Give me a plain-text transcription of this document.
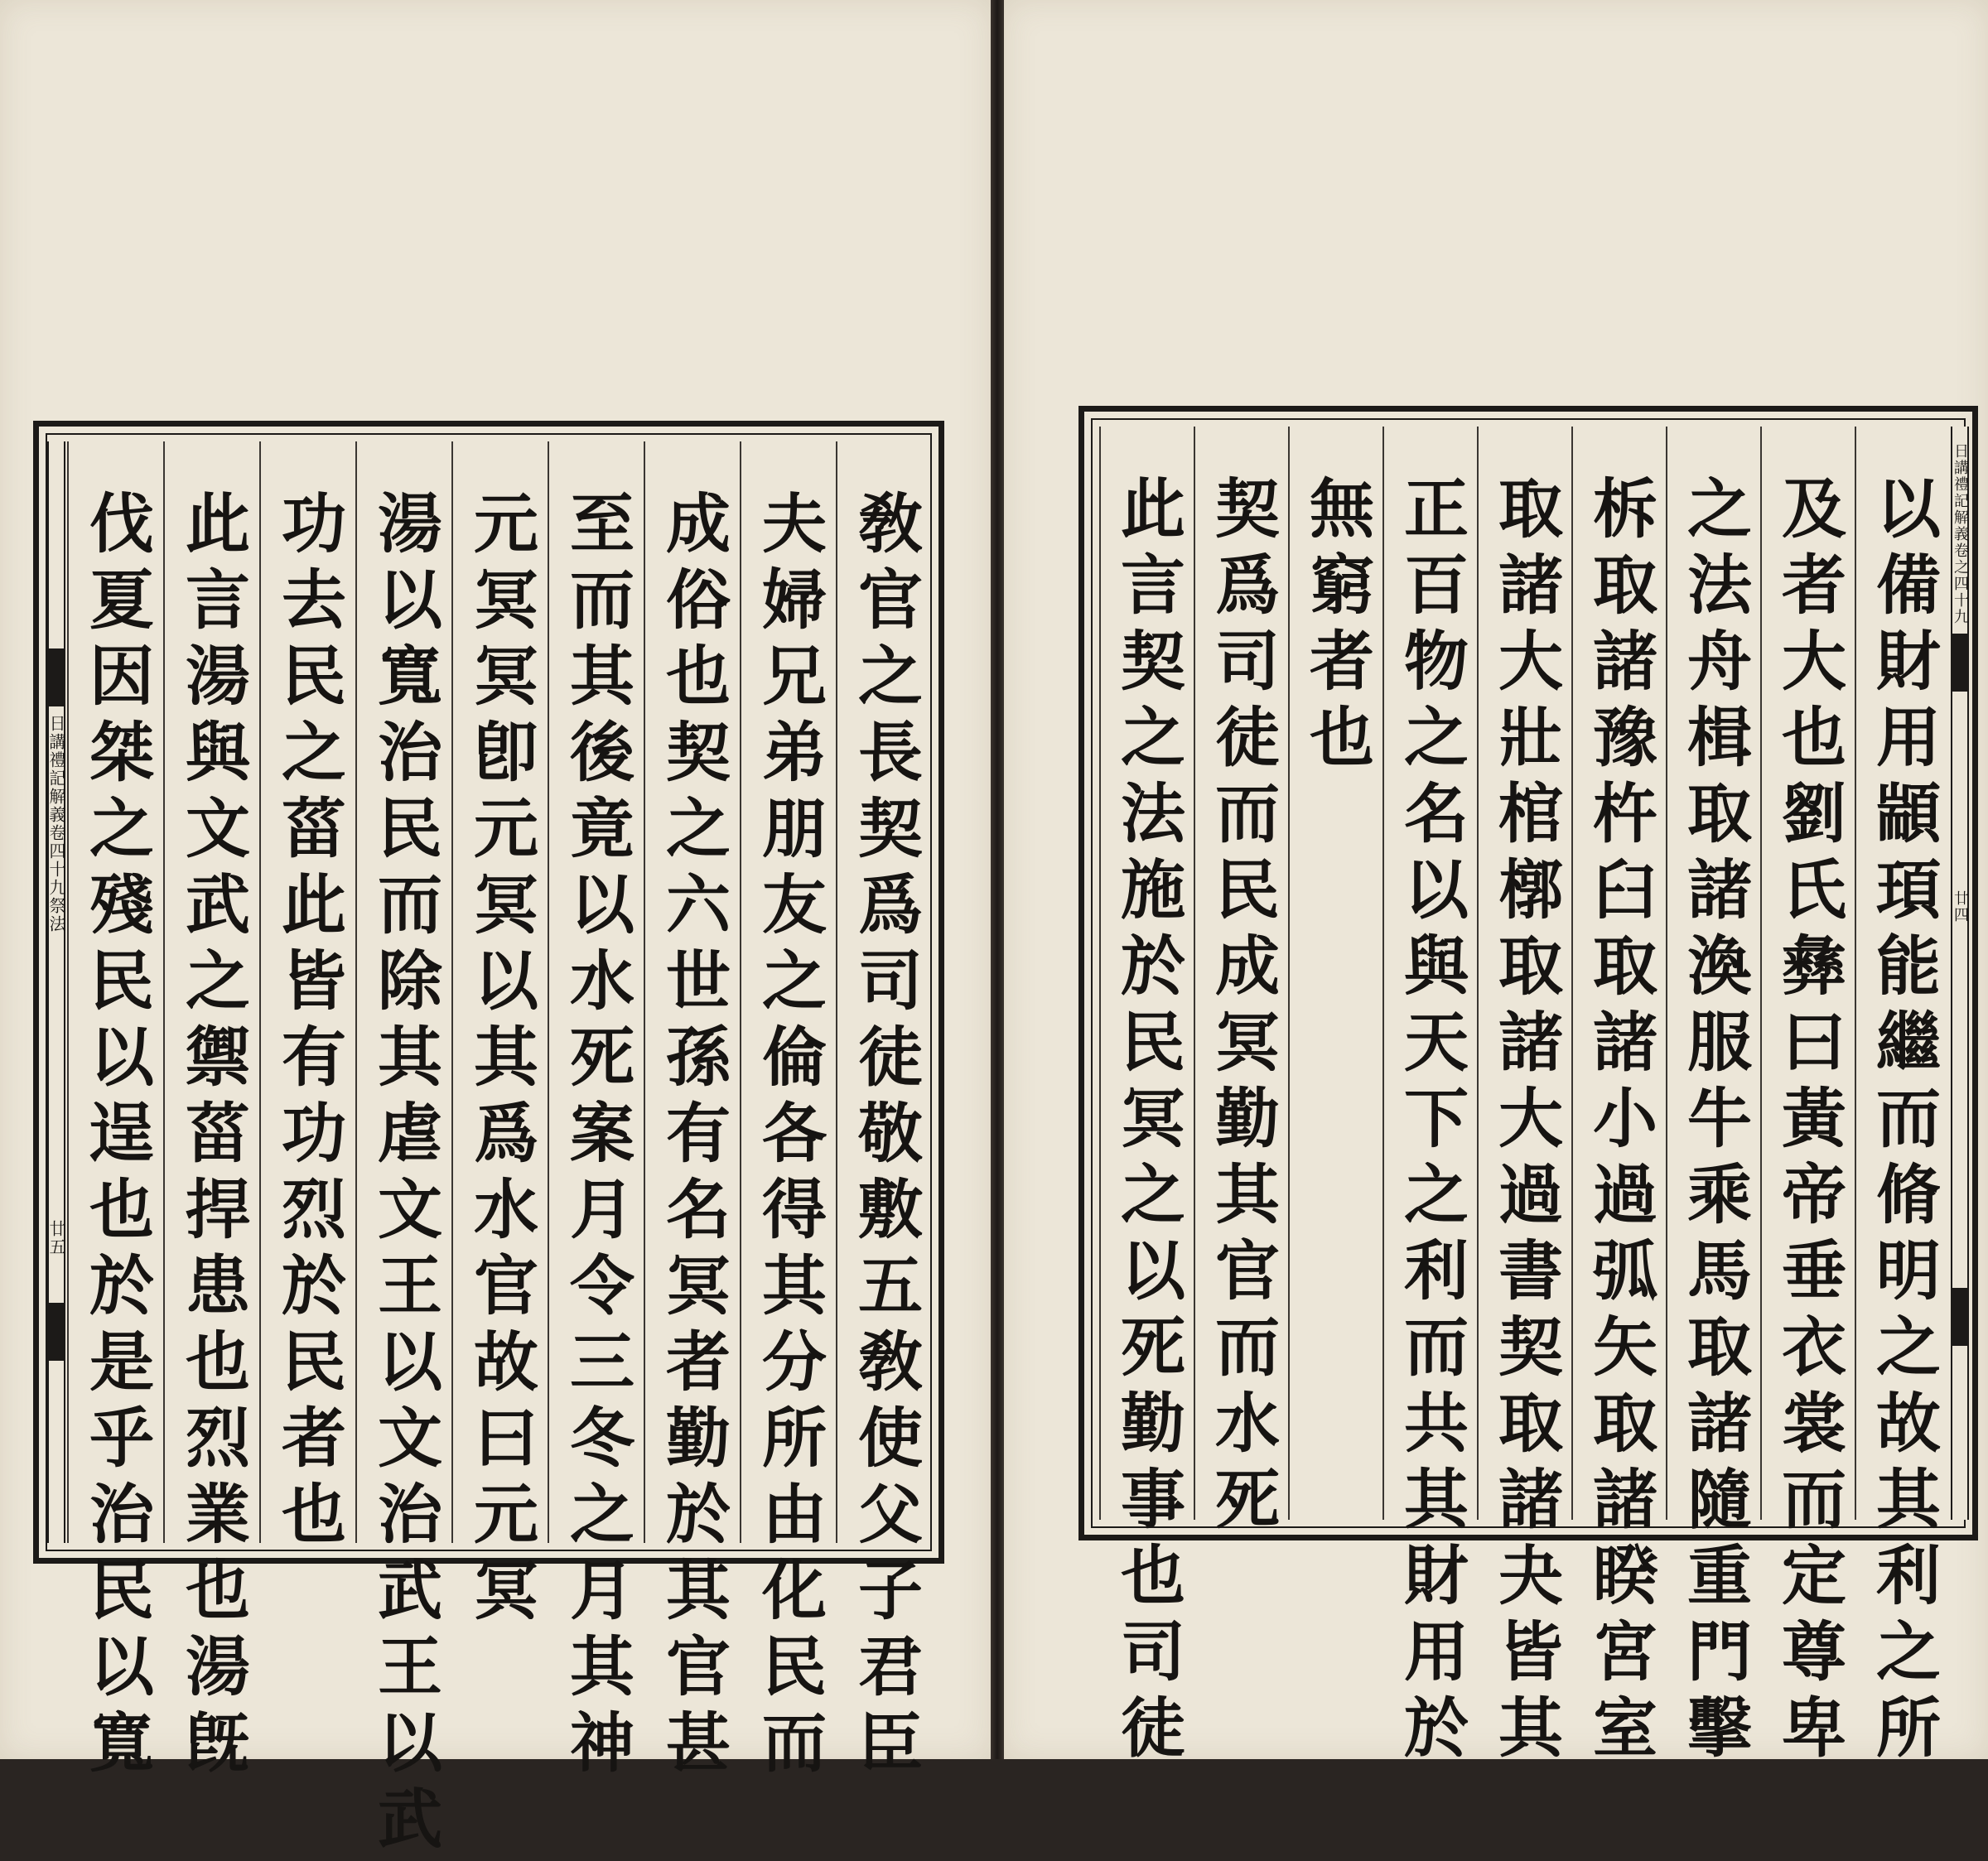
日講禮記解義卷四十九祭法
廿五 伐夏因桀之殘民以逞也於是乎治民以寬 此言湯與文武之禦菑捍患也烈業也湯旣 功去民之菑此皆有功烈於民者也 湯以寬治民而除其虐文王以文治武王以武 元冥冥卽元冥以其爲水官故曰元冥 至而其後竟以水死案月令三冬之月其神 成俗也契之六世孫有名冥者勤於其官甚 夫婦兄弟朋友之倫各得其分所由化民而 敎官之長契爲司徒敬敷五敎使父子君臣	此言契之法施於民冥之以死勤事也司徒 契爲司徒而民成冥勤其官而水死 無窮者也 正百物之名以與天下之利而共其財用於 取諸大壯棺槨取諸大過書契取諸夬皆其 柝取諸豫杵臼取諸小過弧矢取諸睽宮室 之法舟楫取諸渙服牛乘馬取諸隨重門擊 及者大也劉氏彝曰黃帝垂衣裳而定尊卑 以備財用顓頊能繼而脩明之故其利之所 日講禮記解義卷之四十九
廿四
